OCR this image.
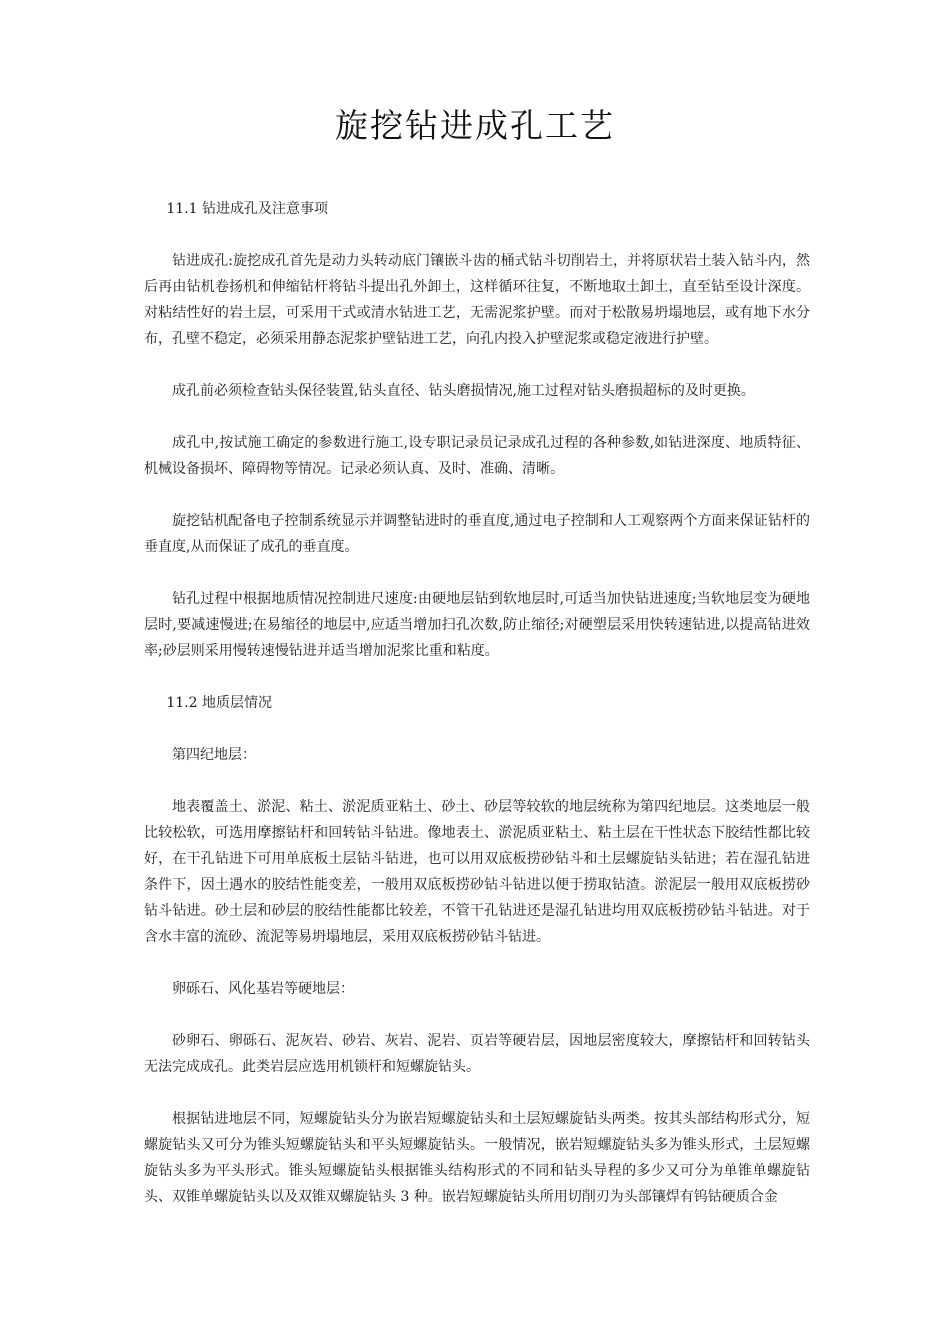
旋挖钻进成孔工艺

11.1 钻进成孔及注意事项

钻进成孔:旋挖成孔首先是动力头转动底门镶嵌斗齿的桶式钻斗切削岩土，并将原状岩土装入钻斗内，然后再由钻机卷扬机和伸缩钻杆将钻斗提出孔外卸土，这样循环往复，不断地取土卸土，直至钻至设计深度。对粘结性好的岩土层，可采用干式或清水钻进工艺，无需泥浆护壁。而对于松散易坍塌地层，或有地下水分布，孔壁不稳定，必须采用静态泥浆护壁钻进工艺，向孔内投入护壁泥浆或稳定液进行护壁。

成孔前必须检查钻头保径装置,钻头直径、钻头磨损情况,施工过程对钻头磨损超标的及时更换。

成孔中,按试施工确定的参数进行施工,设专职记录员记录成孔过程的各种参数,如钻进深度、地质特征、机械设备损坏、障碍物等情况。记录必须认真、及时、准确、清晰。

旋挖钻机配备电子控制系统显示并调整钻进时的垂直度,通过电子控制和人工观察两个方面来保证钻杆的垂直度,从而保证了成孔的垂直度。

钻孔过程中根据地质情况控制进尺速度:由硬地层钻到软地层时,可适当加快钻进速度;当软地层变为硬地层时,要减速慢进;在易缩径的地层中,应适当增加扫孔次数,防止缩径;对硬塑层采用快转速钻进,以提高钻进效率;砂层则采用慢转速慢钻进并适当增加泥浆比重和粘度。

11.2 地质层情况

第四纪地层：

地表覆盖土、淤泥、粘土、淤泥质亚粘土、砂土、砂层等较软的地层统称为第四纪地层。这类地层一般比较松软，可选用摩擦钻杆和回转钻斗钻进。像地表土、淤泥质亚粘土、粘土层在干性状态下胶结性都比较好，在干孔钻进下可用单底板土层钻斗钻进，也可以用双底板捞砂钻斗和土层螺旋钻头钻进；若在湿孔钻进条件下，因土遇水的胶结性能变差，一般用双底板捞砂钻斗钻进以便于捞取钻渣。淤泥层一般用双底板捞砂钻斗钻进。砂土层和砂层的胶结性能都比较差，不管干孔钻进还是湿孔钻进均用双底板捞砂钻斗钻进。对于含水丰富的流砂、流泥等易坍塌地层，采用双底板捞砂钻斗钻进。

卵砾石、风化基岩等硬地层：

砂卵石、卵砾石、泥灰岩、砂岩、灰岩、泥岩、页岩等硬岩层，因地层密度较大，摩擦钻杆和回转钻头无法完成成孔。此类岩层应选用机锁杆和短螺旋钻头。

根据钻进地层不同，短螺旋钻头分为嵌岩短螺旋钻头和土层短螺旋钻头两类。按其头部结构形式分，短螺旋钻头又可分为锥头短螺旋钻头和平头短螺旋钻头。一般情况，嵌岩短螺旋钻头多为锥头形式，土层短螺旋钻头多为平头形式。锥头短螺旋钻头根据锥头结构形式的不同和钻头导程的多少又可分为单锥单螺旋钻头、双锥单螺旋钻头以及双锥双螺旋钻头 3 种。嵌岩短螺旋钻头所用切削刃为头部镶焊有钨钴硬质合金
